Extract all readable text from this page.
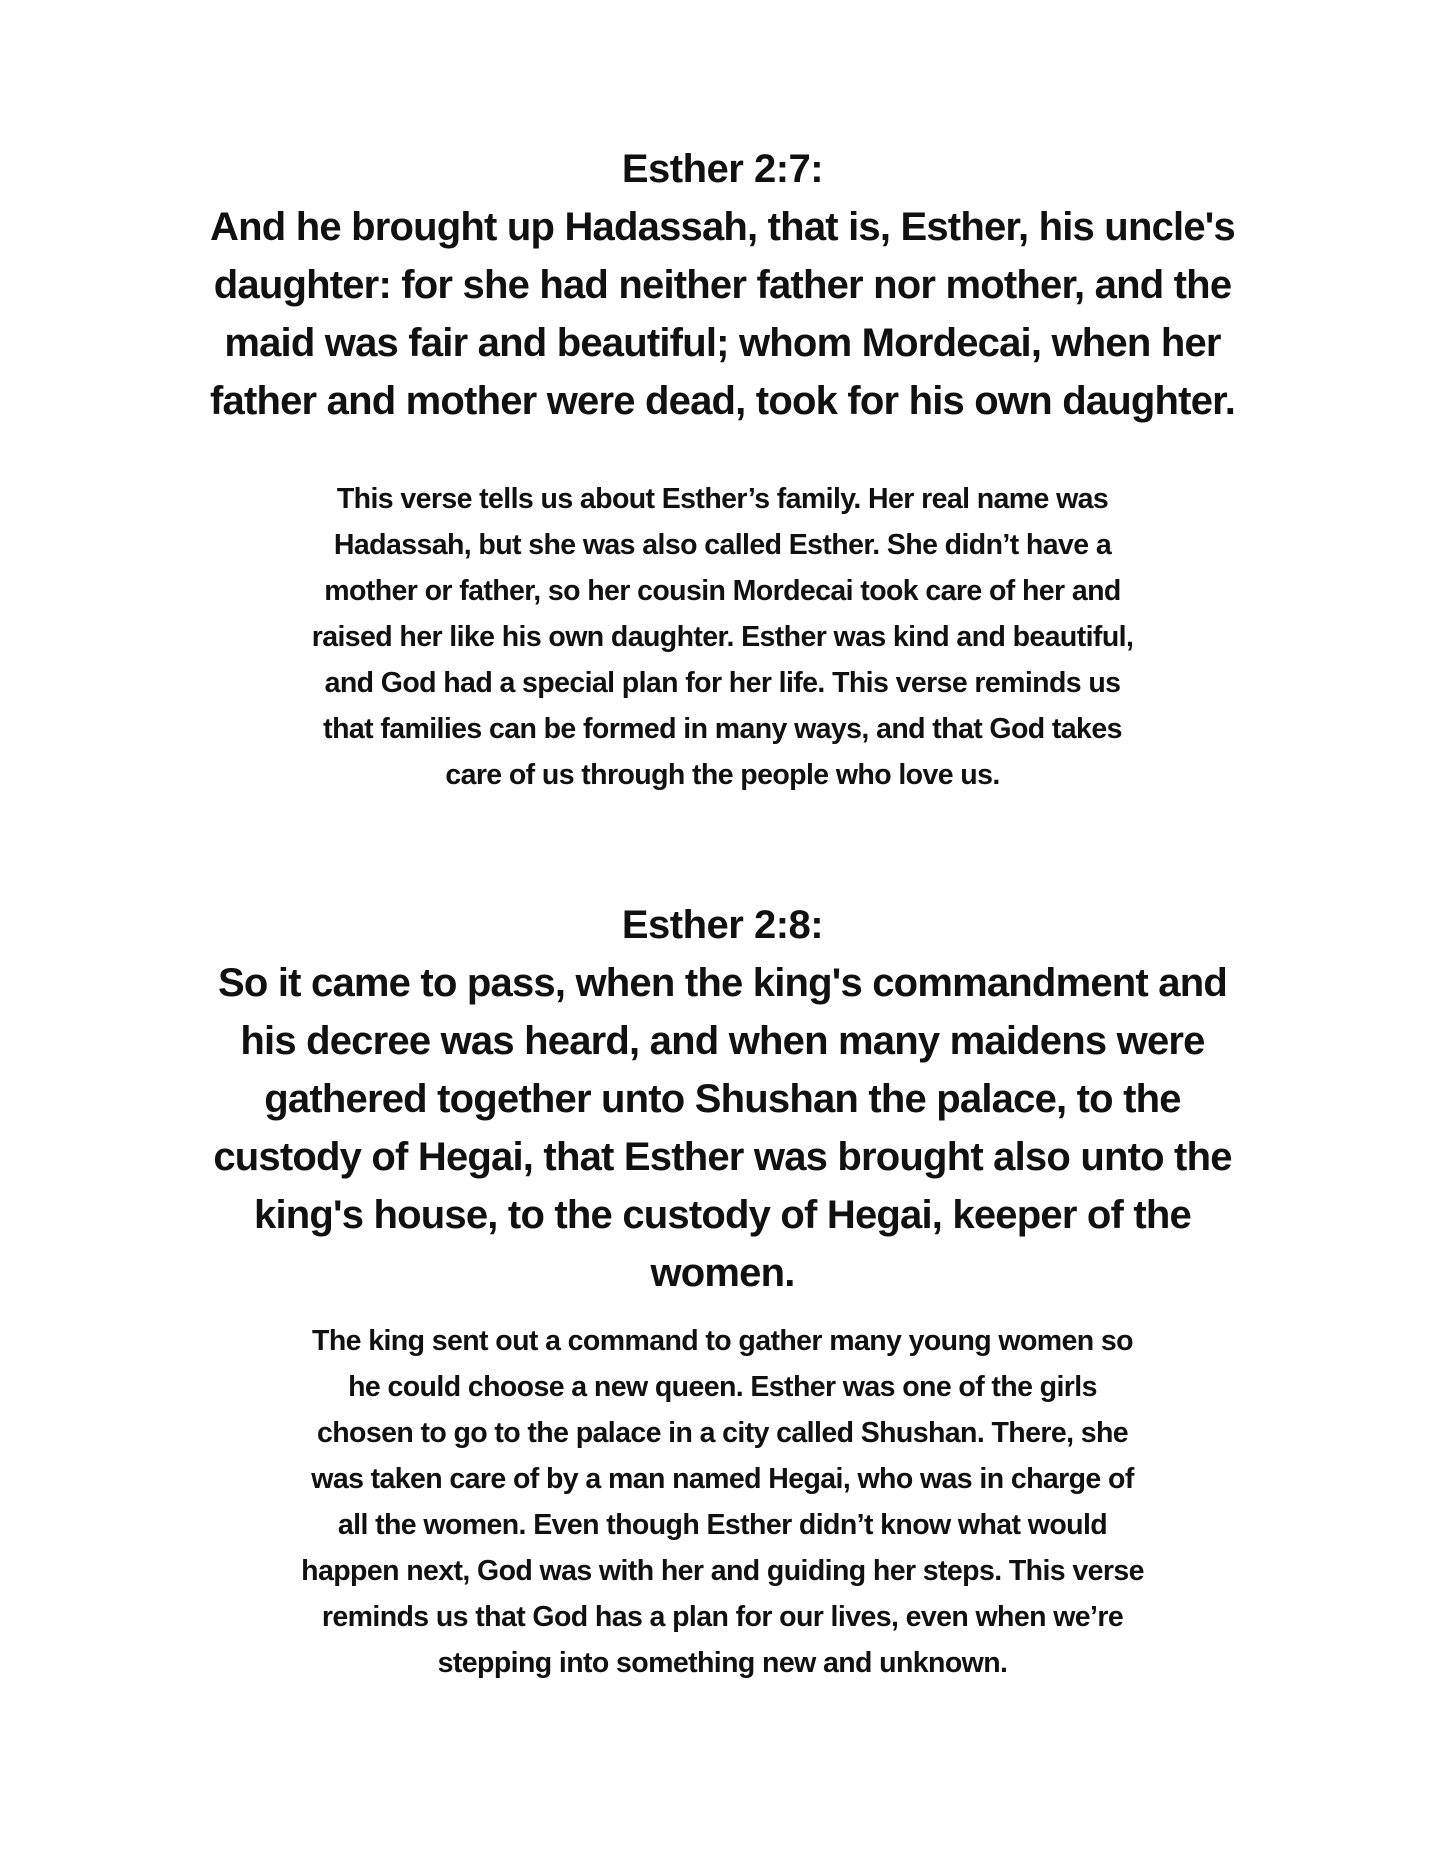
Esther 2:7:
And he brought up Hadassah, that is, Esther, his uncle's
daughter: for she had neither father nor mother, and the
maid was fair and beautiful; whom Mordecai, when her
father and mother were dead, took for his own daughter.
This verse tells us about Esther’s family. Her real name was
Hadassah, but she was also called Esther. She didn’t have a
mother or father, so her cousin Mordecai took care of her and
raised her like his own daughter. Esther was kind and beautiful,
and God had a special plan for her life. This verse reminds us
that families can be formed in many ways, and that God takes
care of us through the people who love us.
Esther 2:8:
So it came to pass, when the king's commandment and
his decree was heard, and when many maidens were
gathered together unto Shushan the palace, to the
custody of Hegai, that Esther was brought also unto the
king's house, to the custody of Hegai, keeper of the
women.
The king sent out a command to gather many young women so
he could choose a new queen. Esther was one of the girls
chosen to go to the palace in a city called Shushan. There, she
was taken care of by a man named Hegai, who was in charge of
all the women. Even though Esther didn’t know what would
happen next, God was with her and guiding her steps. This verse
reminds us that God has a plan for our lives, even when we’re
stepping into something new and unknown.
